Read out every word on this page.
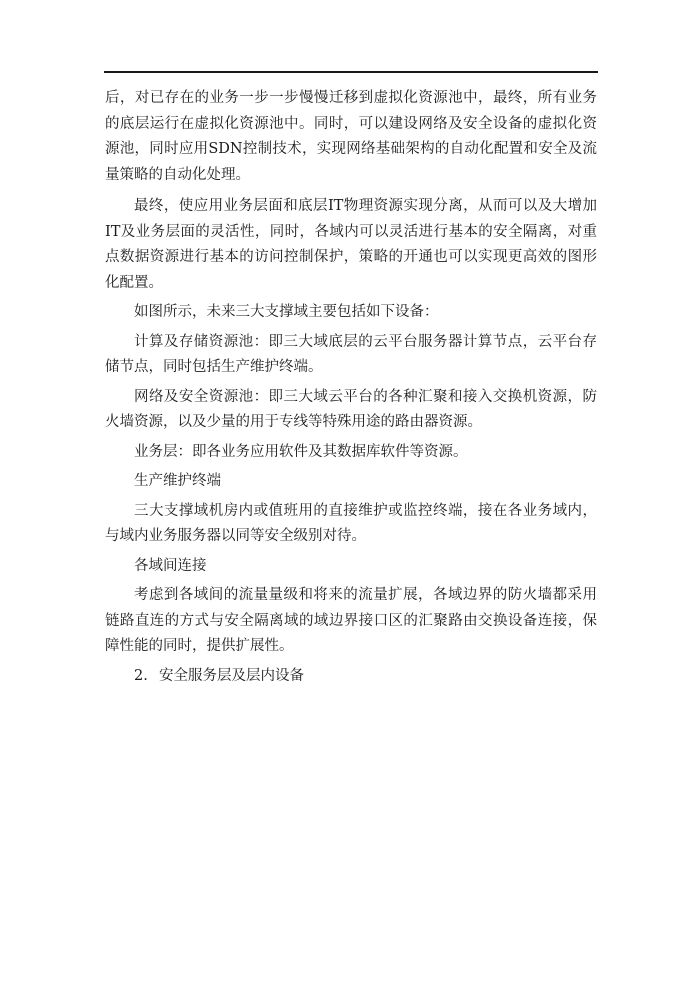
后，对已存在的业务一步一步慢慢迁移到虚拟化资源池中，最终，所有业务的底层运行在虚拟化资源池中。同时，可以建设网络及安全设备的虚拟化资源池，同时应用SDN控制技术，实现网络基础架构的自动化配置和安全及流量策略的自动化处理。

最终，使应用业务层面和底层IT物理资源实现分离，从而可以及大增加IT及业务层面的灵活性，同时，各域内可以灵活进行基本的安全隔离，对重点数据资源进行基本的访问控制保护，策略的开通也可以实现更高效的图形化配置。

如图所示，未来三大支撑域主要包括如下设备：

计算及存储资源池：即三大域底层的云平台服务器计算节点，云平台存储节点，同时包括生产维护终端。

网络及安全资源池：即三大域云平台的各种汇聚和接入交换机资源，防火墙资源，以及少量的用于专线等特殊用途的路由器资源。

业务层：即各业务应用软件及其数据库软件等资源。

生产维护终端

三大支撑域机房内或值班用的直接维护或监控终端，接在各业务域内，与域内业务服务器以同等安全级别对待。

各域间连接

考虑到各域间的流量量级和将来的流量扩展，各域边界的防火墙都采用链路直连的方式与安全隔离域的域边界接口区的汇聚路由交换设备连接，保障性能的同时，提供扩展性。

2. 安全服务层及层内设备
